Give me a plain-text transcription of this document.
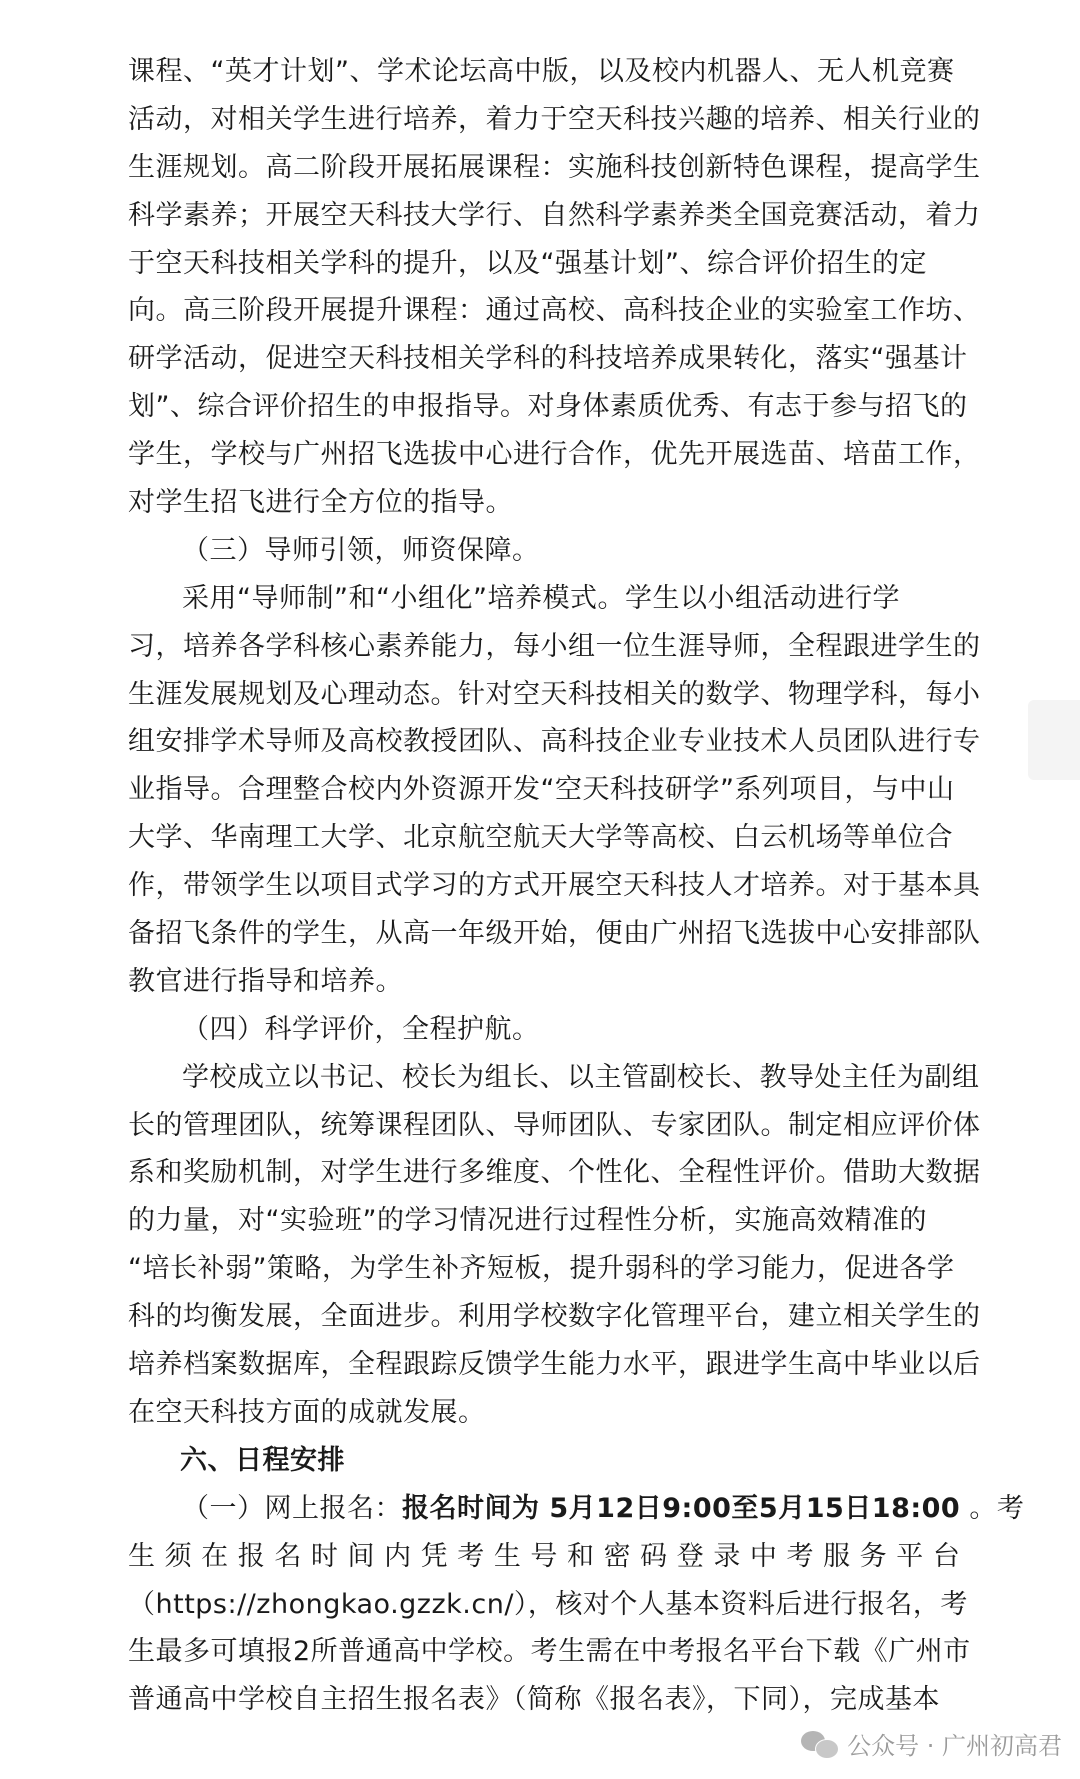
课程、“英才计划”、学术论坛高中版，以及校内机器人、无人机竞赛
活动，对相关学生进行培养，着力于空天科技兴趣的培养、相关行业的
生涯规划。高二阶段开展拓展课程：实施科技创新特色课程，提高学生
科学素养；开展空天科技大学行、自然科学素养类全国竞赛活动，着力
于空天科技相关学科的提升，以及“强基计划”、综合评价招生的定
向。高三阶段开展提升课程：通过高校、高科技企业的实验室工作坊、
研学活动，促进空天科技相关学科的科技培养成果转化，落实“强基计
划”、综合评价招生的申报指导。对身体素质优秀、有志于参与招飞的
学生，学校与广州招飞选拔中心进行合作，优先开展选苗、培苗工作，
对学生招飞进行全方位的指导。
（三）导师引领，师资保障。
采用“导师制”和“小组化”培养模式。学生以小组活动进行学
习，培养各学科核心素养能力，每小组一位生涯导师，全程跟进学生的
生涯发展规划及心理动态。针对空天科技相关的数学、物理学科，每小
组安排学术导师及高校教授团队、高科技企业专业技术人员团队进行专
业指导。合理整合校内外资源开发“空天科技研学”系列项目，与中山
大学、华南理工大学、北京航空航天大学等高校、白云机场等单位合
作，带领学生以项目式学习的方式开展空天科技人才培养。对于基本具
备招飞条件的学生，从高一年级开始，便由广州招飞选拔中心安排部队
教官进行指导和培养。
（四）科学评价，全程护航。
学校成立以书记、校长为组长、以主管副校长、教导处主任为副组
长的管理团队，统筹课程团队、导师团队、专家团队。制定相应评价体
系和奖励机制，对学生进行多维度、个性化、全程性评价。借助大数据
的力量，对“实验班”的学习情况进行过程性分析，实施高效精准的
“培长补弱”策略，为学生补齐短板，提升弱科的学习能力，促进各学
科的均衡发展，全面进步。利用学校数字化管理平台，建立相关学生的
培养档案数据库，全程跟踪反馈学生能力水平，跟进学生高中毕业以后
在空天科技方面的成就发展。
六、日程安排
（一）网上报名：报名时间为 5月12日9:00至5月15日18:00 。考
生 须 在 报 名 时 间 内 凭 考 生 号 和 密 码 登 录 中 考 服 务 平 台
（https://zhongkao.gzzk.cn/），核对个人基本资料后进行报名，考
生最多可填报2所普通高中学校。考生需在中考报名平台下载《广州市
普通高中学校自主招生报名表》（简称《报名表》，下同），完成基本
公众号 · 广州初高君
